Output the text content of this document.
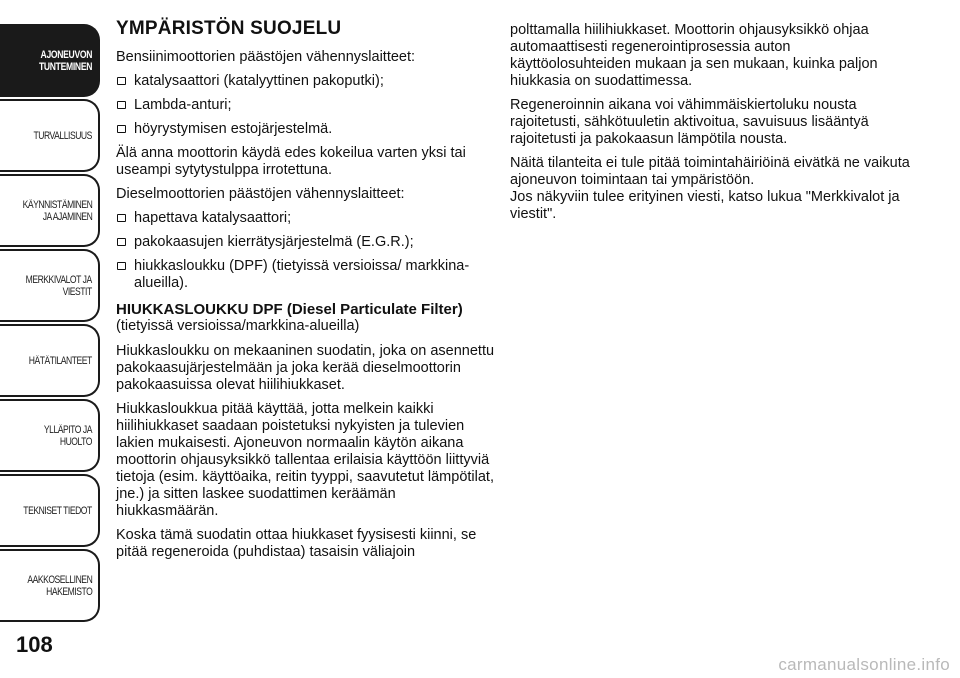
AJONEUVON
TUNTEMINEN
TURVALLISUUS
KÄYNNISTÄMINEN
JA AJAMINEN
MERKKIVALOT JA
VIESTIT
HÄTÄTILANTEET
YLLÄPITO JA HUOLTO
TEKNISET TIEDOT
AAKKOSELLINEN
HAKEMISTO
108
YMPÄRISTÖN SUOJELU

Bensiinimoottorien päästöjen vähennyslaitteet:

katalysaattori (katalyyttinen pakoputki);
Lambda-anturi;
höyrystymisen estojärjestelmä.

Älä anna moottorin käydä edes kokeilua varten yksi tai useampi sytytystulppa irrotettuna.

Dieselmoottorien päästöjen vähennyslaitteet:

hapettava katalysaattori;
pakokaasujen kierrätysjärjestelmä (E.G.R.);
hiukkasloukku (DPF) (tietyissä versioissa/ markkina-alueilla).
HIUKKASLOUKKU DPF (Diesel Particulate Filter)

(tietyissä versioissa/markkina-alueilla)

Hiukkasloukku on mekaaninen suodatin, joka on asennettu pakokaasujärjestelmään ja joka kerää dieselmoottorin pakokaasuissa olevat hiilihiukkaset.

Hiukkasloukkua pitää käyttää, jotta melkein kaikki hiilihiukkaset saadaan poistetuksi nykyisten ja tulevien lakien mukaisesti. Ajoneuvon normaalin käytön aikana moottorin ohjausyksikkö tallentaa erilaisia käyttöön liittyviä tietoja (esim. käyttöaika, reitin tyyppi, saavutetut lämpötilat, jne.) ja sitten laskee suodattimen keräämän hiukkasmäärän.

Koska tämä suodatin ottaa hiukkaset fyysisesti kiinni, se pitää regeneroida (puhdistaa) tasaisin väliajoin

polttamalla hiilihiukkaset. Moottorin ohjausyksikkö ohjaa automaattisesti regenerointiprosessia auton käyttöolosuhteiden mukaan ja sen mukaan, kuinka paljon hiukkasia on suodattimessa.

Regeneroinnin aikana voi vähimmäiskiertoluku nousta rajoitetusti, sähkötuuletin aktivoitua, savuisuus lisääntyä rajoitetusti ja pakokaasun lämpötila nousta.

Näitä tilanteita ei tule pitää toimintahäiriöinä eivätkä ne vaikuta ajoneuvon toimintaan tai ympäristöön.

Jos näkyviin tulee erityinen viesti, katso lukua "Merkkivalot ja viestit".

carmanualsonline.info
